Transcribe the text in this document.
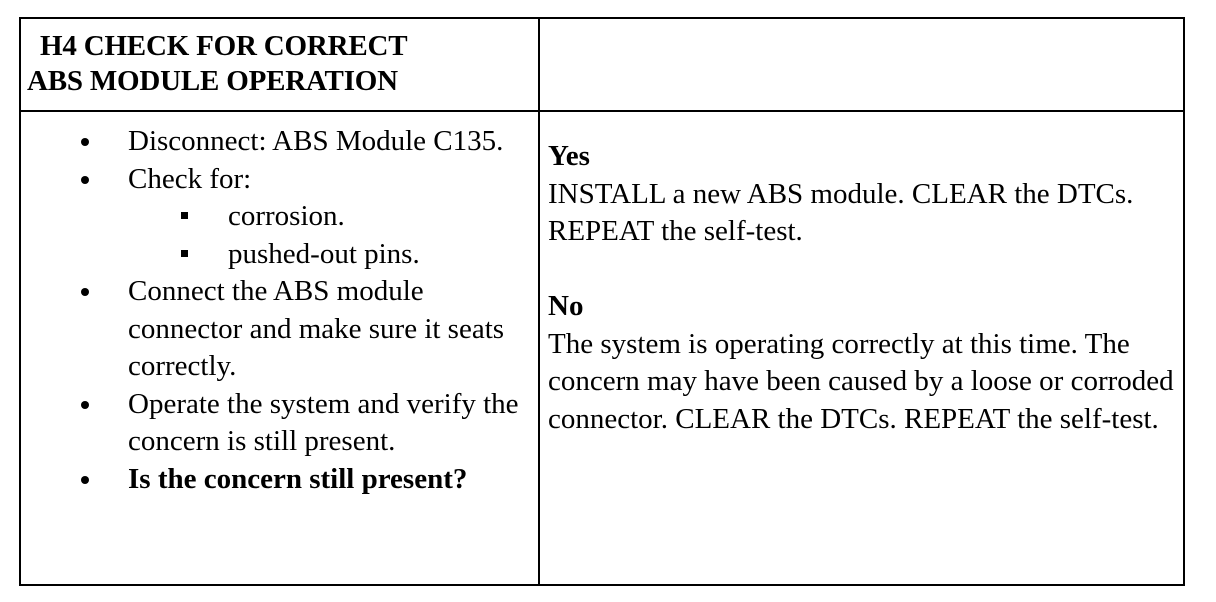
H4 CHECK FOR CORRECT
ABS MODULE OPERATION
Disconnect: ABS Module C135.
Check for:
corrosion.
pushed-out pins.
Connect the ABS module connector and make sure it seats correctly.
Operate the system and verify the concern is still present.
Is the concern still present?

Yes

INSTALL a new ABS module. CLEAR the DTCs. REPEAT the self-test.

No

The system is operating correctly at this time. The concern may have been caused by a loose or corroded connector. CLEAR the DTCs. REPEAT the self-test.
